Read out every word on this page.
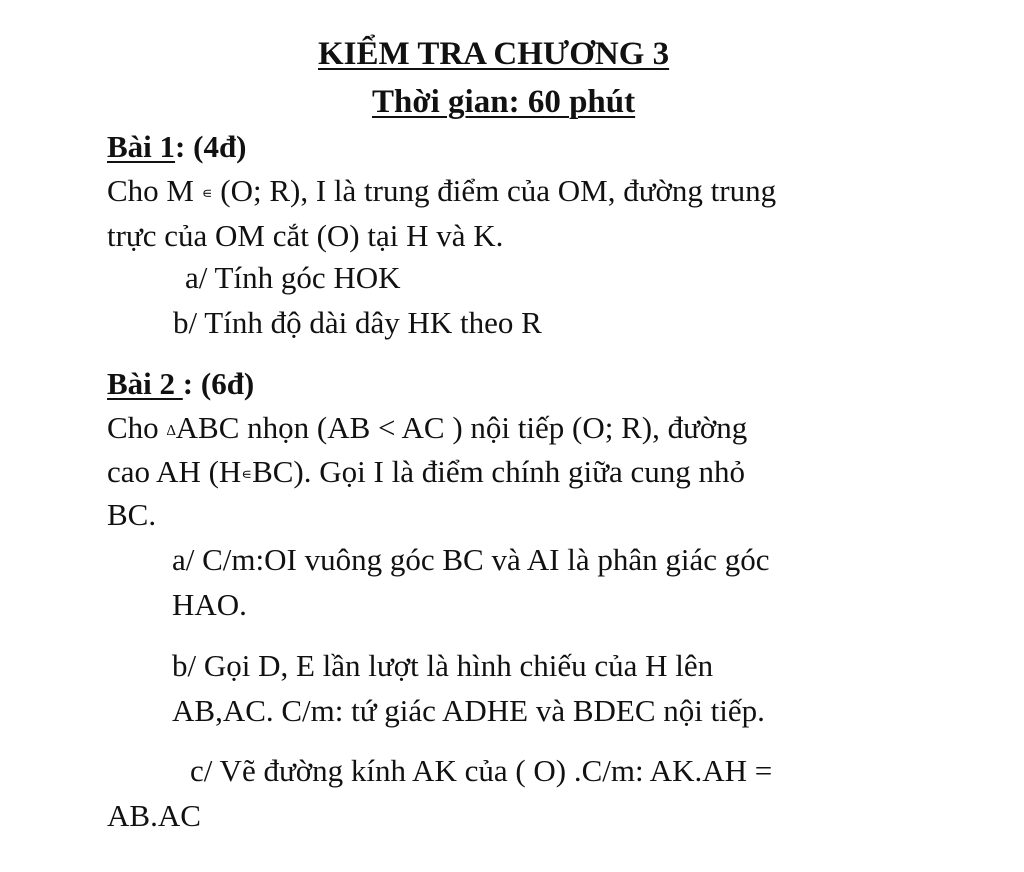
KIỂM TRA CHƯƠNG 3
Thời gian: 60 phút
Bài 1: (4đ)
Cho M ∊ (O; R), I là trung điểm của OM, đường trung
trực của OM cắt (O) tại H và K.
a/ Tính góc HOK
b/ Tính độ dài dây HK theo R
Bài 2 : (6đ)
Cho ∆ABC nhọn (AB < AC ) nội tiếp (O; R), đường
cao AH (H∊BC). Gọi I là điểm chính giữa cung nhỏ
BC.
a/ C/m:OI vuông góc BC và AI là phân giác góc
HAO.
b/ Gọi D, E lần lượt là hình chiếu của H lên
AB,AC. C/m: tứ giác ADHE và BDEC nội tiếp.
c/ Vẽ đường kính AK của ( O) .C/m: AK.AH =
AB.AC
